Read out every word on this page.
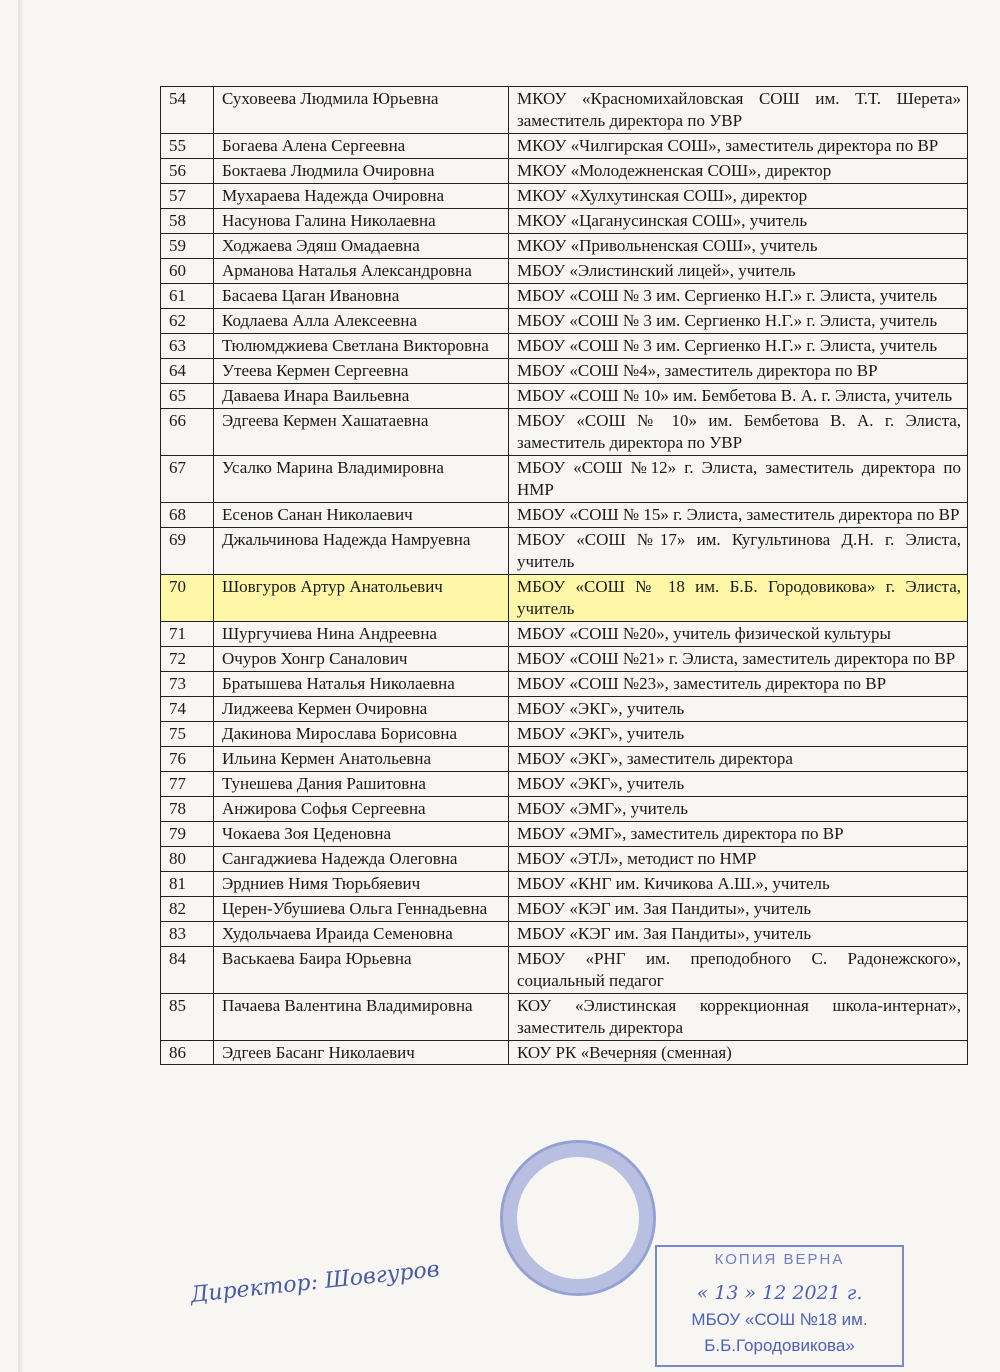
54	Суховеева Людмила Юрьевна	МКОУ «Красномихайловская СОШ им. Т.Т. Шерета» заместитель директора по УВР
55	Богаева Алена Сергеевна	МКОУ «Чилгирская СОШ», заместитель директора по ВР
56	Боктаева Людмила Очировна	МКОУ «Молодежненская СОШ», директор
57	Мухараева Надежда Очировна	МКОУ «Хулхутинская СОШ», директор
58	Насунова Галина Николаевна	МКОУ «Цаганусинская СОШ», учитель
59	Ходжаева Эдяш Омадаевна	МКОУ «Привольненская СОШ», учитель
60	Арманова Наталья Александровна	МБОУ «Элистинский лицей», учитель
61	Басаева Цаган Ивановна	МБОУ «СОШ № 3 им. Сергиенко Н.Г.» г. Элиста, учитель
62	Кодлаева Алла Алексеевна	МБОУ «СОШ № 3 им. Сергиенко Н.Г.» г. Элиста, учитель
63	Тюлюмджиева Светлана Викторовна	МБОУ «СОШ № 3 им. Сергиенко Н.Г.» г. Элиста, учитель
64	Утеева Кермен Сергеевна	МБОУ «СОШ №4», заместитель директора по ВР
65	Даваева Инара Ваильевна	МБОУ «СОШ № 10» им. Бембетова В. А. г. Элиста, учитель
66	Эдгеева Кермен Хашатаевна	МБОУ «СОШ № 10» им. Бембетова В. А. г. Элиста, заместитель директора по УВР
67	Усалко Марина Владимировна	МБОУ «СОШ №12» г. Элиста, заместитель директора по НМР
68	Есенов Санан Николаевич	МБОУ «СОШ № 15» г. Элиста, заместитель директора по ВР
69	Джальчинова Надежда Намруевна	МБОУ «СОШ №17» им. Кугультинова Д.Н. г. Элиста, учитель
70	Шовгуров Артур Анатольевич	МБОУ «СОШ № 18 им. Б.Б. Городовикова» г. Элиста, учитель
71	Шургучиева Нина Андреевна	МБОУ «СОШ №20», учитель физической культуры
72	Очуров Хонгр Саналович	МБОУ «СОШ №21» г. Элиста, заместитель директора по ВР
73	Братышева Наталья Николаевна	МБОУ «СОШ №23», заместитель директора по ВР
74	Лиджеева Кермен Очировна	МБОУ «ЭКГ», учитель
75	Дакинова Мирослава Борисовна	МБОУ «ЭКГ», учитель
76	Ильина Кермен Анатольевна	МБОУ «ЭКГ», заместитель директора
77	Тунешева Дания Рашитовна	МБОУ «ЭКГ», учитель
78	Анжирова Софья Сергеевна	МБОУ «ЭМГ», учитель
79	Чокаева Зоя Цеденовна	МБОУ «ЭМГ», заместитель директора по ВР
80	Сангаджиева Надежда Олеговна	МБОУ «ЭТЛ», методист по НМР
81	Эрдниев Нимя Тюрьбяевич	МБОУ «КНГ им. Кичикова А.Ш.», учитель
82	Церен-Убушиева Ольга Геннадьевна	МБОУ «КЭГ им. Зая Пандиты», учитель
83	Худольчаева Ираида Семеновна	МБОУ «КЭГ им. Зая Пандиты», учитель
84	Васькаева Баира Юрьевна	МБОУ «РНГ им. преподобного С. Радонежского», социальный педагог
85	Пачаева Валентина Владимировна	КОУ «Элистинская коррекционная школа-интернат», заместитель директора
86	Эдгеев Басанг Николаевич	КОУ РК «Вечерняя (сменная)
Директор: Шовгуров	КОПИЯ ВЕРНА
« 13 » 12 2021 г.
МБОУ «СОШ №18 им.
Б.Б.Городовикова»
